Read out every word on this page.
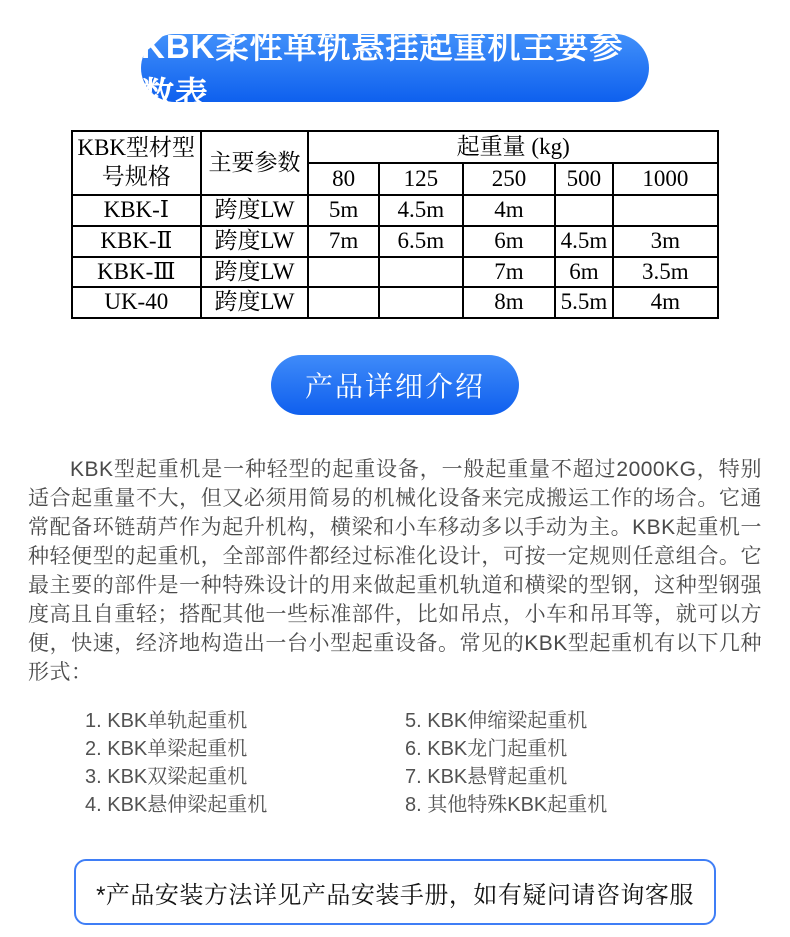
KBK柔性单轨悬挂起重机主要参数表
KBK型材型号规格	主要参数	起重量 (kg)				
		80	125	250	500	1000
KBK-Ⅰ	跨度LW	5m	4.5m	4m		
KBK-Ⅱ	跨度LW	7m	6.5m	6m	4.5m	3m
KBK-Ⅲ	跨度LW			7m	6m	3.5m
UK-40	跨度LW			8m	5.5m	4m
产品详细介绍

KBK型起重机是一种轻型的起重设备，一般起重量不超过2000KG，特别适合起重量不大，但又必须用简易的机械化设备来完成搬运工作的场合。它通常配备环链葫芦作为起升机构，横梁和小车移动多以手动为主。KBK起重机一种轻便型的起重机，全部部件都经过标准化设计，可按一定规则任意组合。它最主要的部件是一种特殊设计的用来做起重机轨道和横梁的型钢，这种型钢强度高且自重轻；搭配其他一些标准部件，比如吊点，小车和吊耳等，就可以方便，快速，经济地构造出一台小型起重设备。常见的KBK型起重机有以下几种形式：

1. KBK单轨起重机
2. KBK单梁起重机
3. KBK双梁起重机
4. KBK悬伸梁起重机
5. KBK伸缩梁起重机
6. KBK龙门起重机
7. KBK悬臂起重机
8. 其他特殊KBK起重机
*产品安装方法详见产品安装手册，如有疑问请咨询客服
